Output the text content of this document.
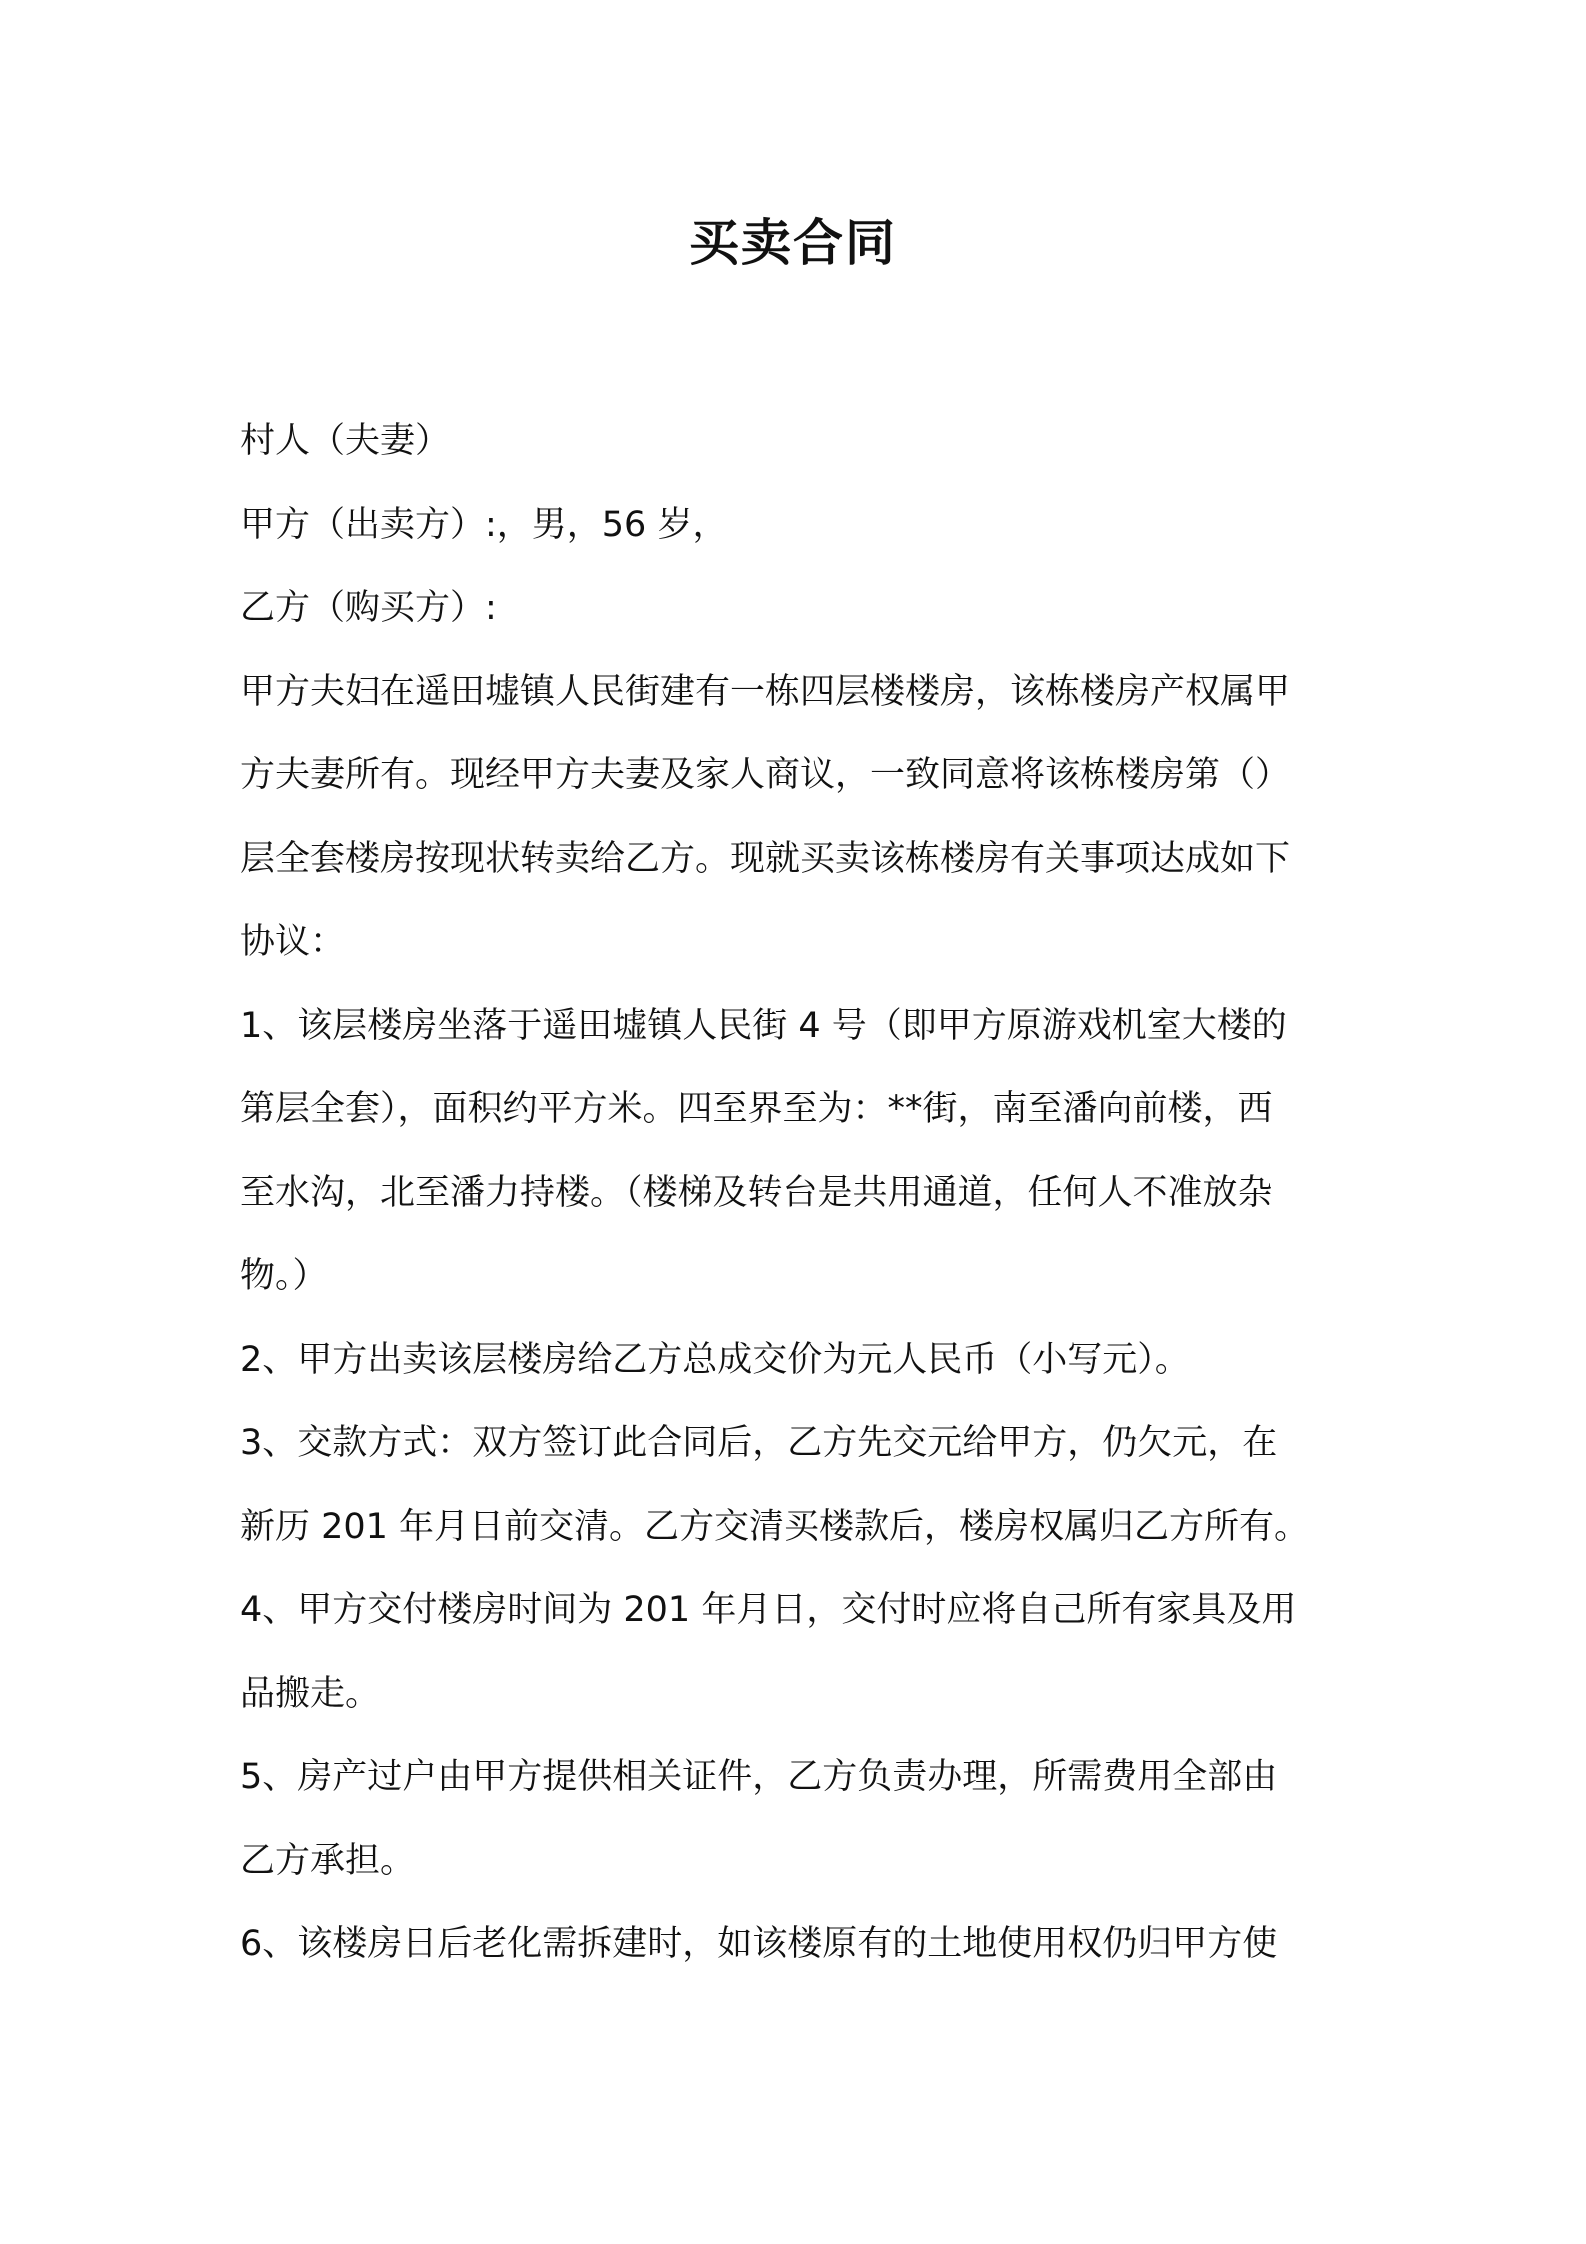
买卖合同
村人（夫妻）
甲方（出卖方）:，男，56 岁，
乙方（购买方）:
甲方夫妇在遥田墟镇人民街建有一栋四层楼楼房，该栋楼房产权属甲
方夫妻所有。现经甲方夫妻及家人商议，一致同意将该栋楼房第（）
层全套楼房按现状转卖给乙方。现就买卖该栋楼房有关事项达成如下
协议：
1、该层楼房坐落于遥田墟镇人民街 4 号（即甲方原游戏机室大楼的
第层全套），面积约平方米。四至界至为：**街，南至潘向前楼，西
至水沟，北至潘力持楼。（楼梯及转台是共用通道，任何人不准放杂
物。）
2、甲方出卖该层楼房给乙方总成交价为元人民币（小写元）。
3、交款方式：双方签订此合同后，乙方先交元给甲方，仍欠元，在
新历 201 年月日前交清。乙方交清买楼款后，楼房权属归乙方所有。
4、甲方交付楼房时间为 201 年月日，交付时应将自己所有家具及用
品搬走。
5、房产过户由甲方提供相关证件，乙方负责办理，所需费用全部由
乙方承担。
6、该楼房日后老化需拆建时，如该楼原有的土地使用权仍归甲方使
